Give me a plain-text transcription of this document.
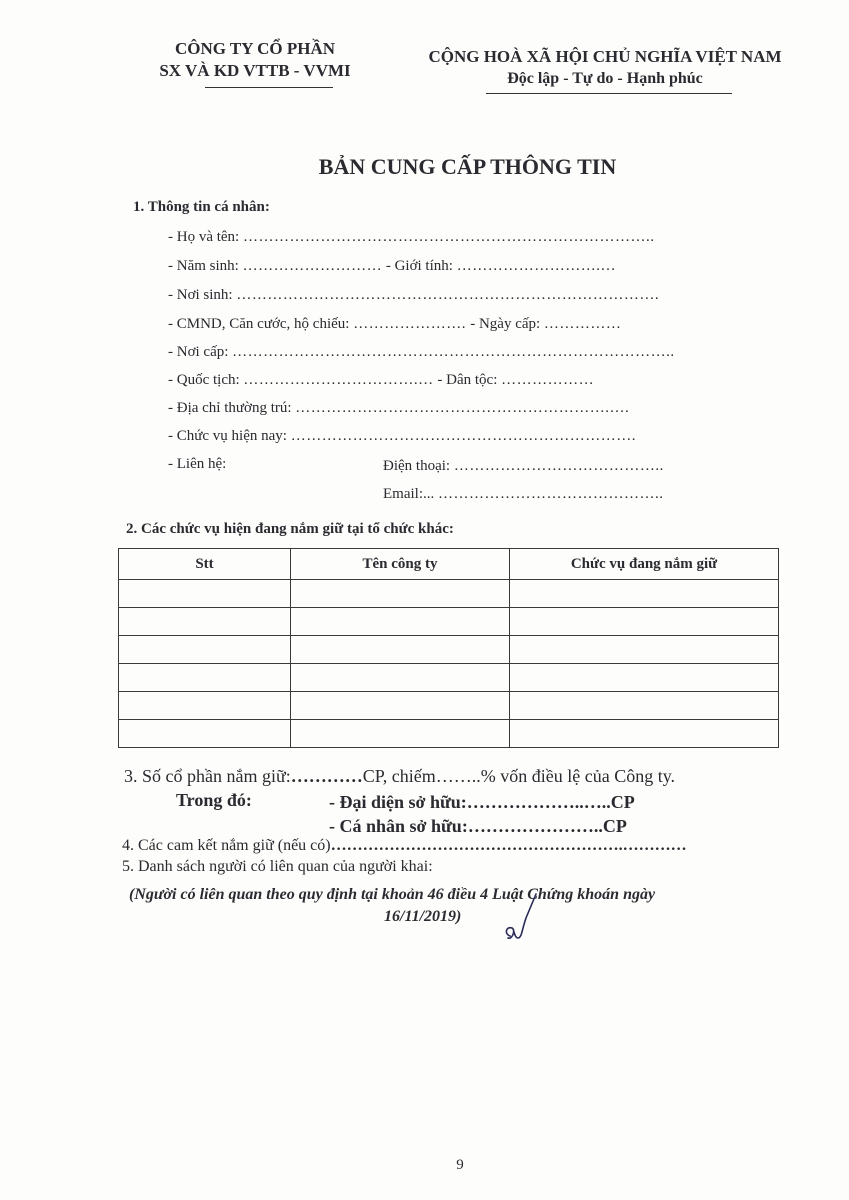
CÔNG TY CỔ PHẦN
SX VÀ KD VTTB - VVMI
CỘNG HOÀ XÃ HỘI CHỦ NGHĨA VIỆT NAM
Độc lập - Tự do - Hạnh phúc
BẢN CUNG CẤP THÔNG TIN
1. Thông tin cá nhân:
- Họ và tên: ……………………………………………………………………..
- Năm sinh: ……………………… - Giới tính: ……………………….…
- Nơi sinh: ……………………………………………………………………….
- CMND, Căn cước, hộ chiếu: …………………. - Ngày cấp: ……………
- Nơi cấp: …………………………………………………………………………..
- Quốc tịch: …………………………….… - Dân tộc: ………………
- Địa chỉ thường trú: …………………………………………………….….
- Chức vụ hiện nay: ………………………………………………………….
- Liên hệ:	Điện thoại: …………………………………..
Email:... ……………………………………..
2. Các chức vụ hiện đang nắm giữ tại tổ chức khác:
Stt	Tên công ty	Chức vụ đang nắm giữ

3. Số cổ phần nắm giữ:…………CP, chiếm……..% vốn điều lệ của Công ty.
Trong đó:	- Đại diện sở hữu:………………..…..CP
- Cá nhân sở hữu:…………………..CP
4. Các cam kết nắm giữ (nếu có)……………………………………………….…………
5. Danh sách người có liên quan của người khai:
(Người có liên quan theo quy định tại khoản 46 điều 4 Luật Chứng khoán ngày
16/11/2019)
9
